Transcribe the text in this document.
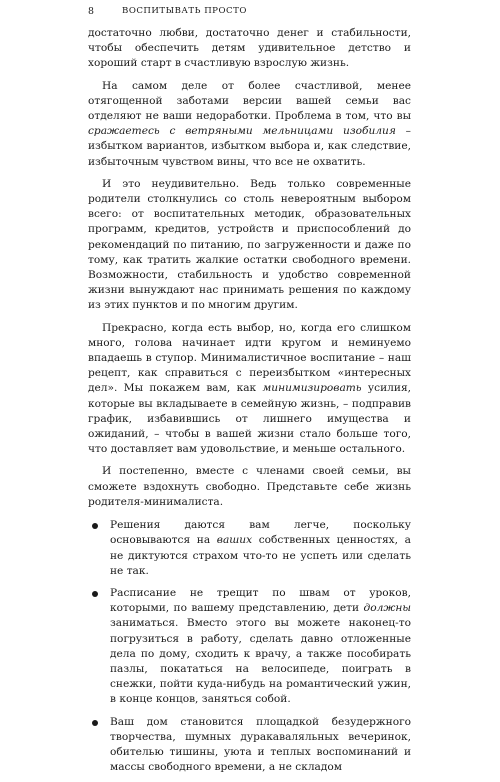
8	ВОСПИТЫВАТЬ ПРОСТО

достаточно любви, достаточно денег и стабильности, чтобы обеспечить детям удивительное детство и хороший старт в счастливую взрослую жизнь.

На самом деле от более счастливой, менее отягощенной заботами версии вашей семьи вас отделяют не ваши недоработки. Проблема в том, что вы сражаетесь с ветряными мельницами изобилия – избытком вариантов, избытком выбора и, как следствие, избыточным чувством вины, что все не охватить.

И это неудивительно. Ведь только современные родители столкнулись со столь невероятным выбором всего: от воспитательных методик, образовательных программ, кредитов, устройств и приспособлений до рекомендаций по питанию, по загруженности и даже по тому, как тратить жалкие остатки свободного времени. Возможности, стабильность и удобство современной жизни вынуждают нас принимать решения по каждому из этих пунктов и по многим другим.

Прекрасно, когда есть выбор, но, когда его слишком много, голова начинает идти кругом и неминуемо впадаешь в ступор. Минималистичное воспитание – наш рецепт, как справиться с переизбытком «интересных дел». Мы покажем вам, как минимизировать усилия, которые вы вкладываете в семейную жизнь, – подправив график, избавившись от лишнего имущества и ожиданий, – чтобы в вашей жизни стало больше того, что доставляет вам удовольствие, и меньше остального.

И постепенно, вместе с членами своей семьи, вы сможете вздохнуть свободно. Представьте себе жизнь родителя-минималиста.

Решения даются вам легче, поскольку основываются на ваших собственных ценностях, а не диктуются страхом что-то не успеть или сделать не так.
Расписание не трещит по швам от уроков, которыми, по вашему представлению, дети должны заниматься. Вместо этого вы можете наконец-то погрузиться в работу, сделать давно отложенные дела по дому, сходить к врачу, а также пособирать пазлы, покататься на велосипеде, поиграть в снежки, пойти куда-нибудь на романтический ужин, в конце концов, заняться собой.
Ваш дом становится площадкой безудержного творчества, шумных дуракаваляльных вечеринок, обителью тишины, уюта и теплых воспоминаний и массы свободного времени, а не складом
